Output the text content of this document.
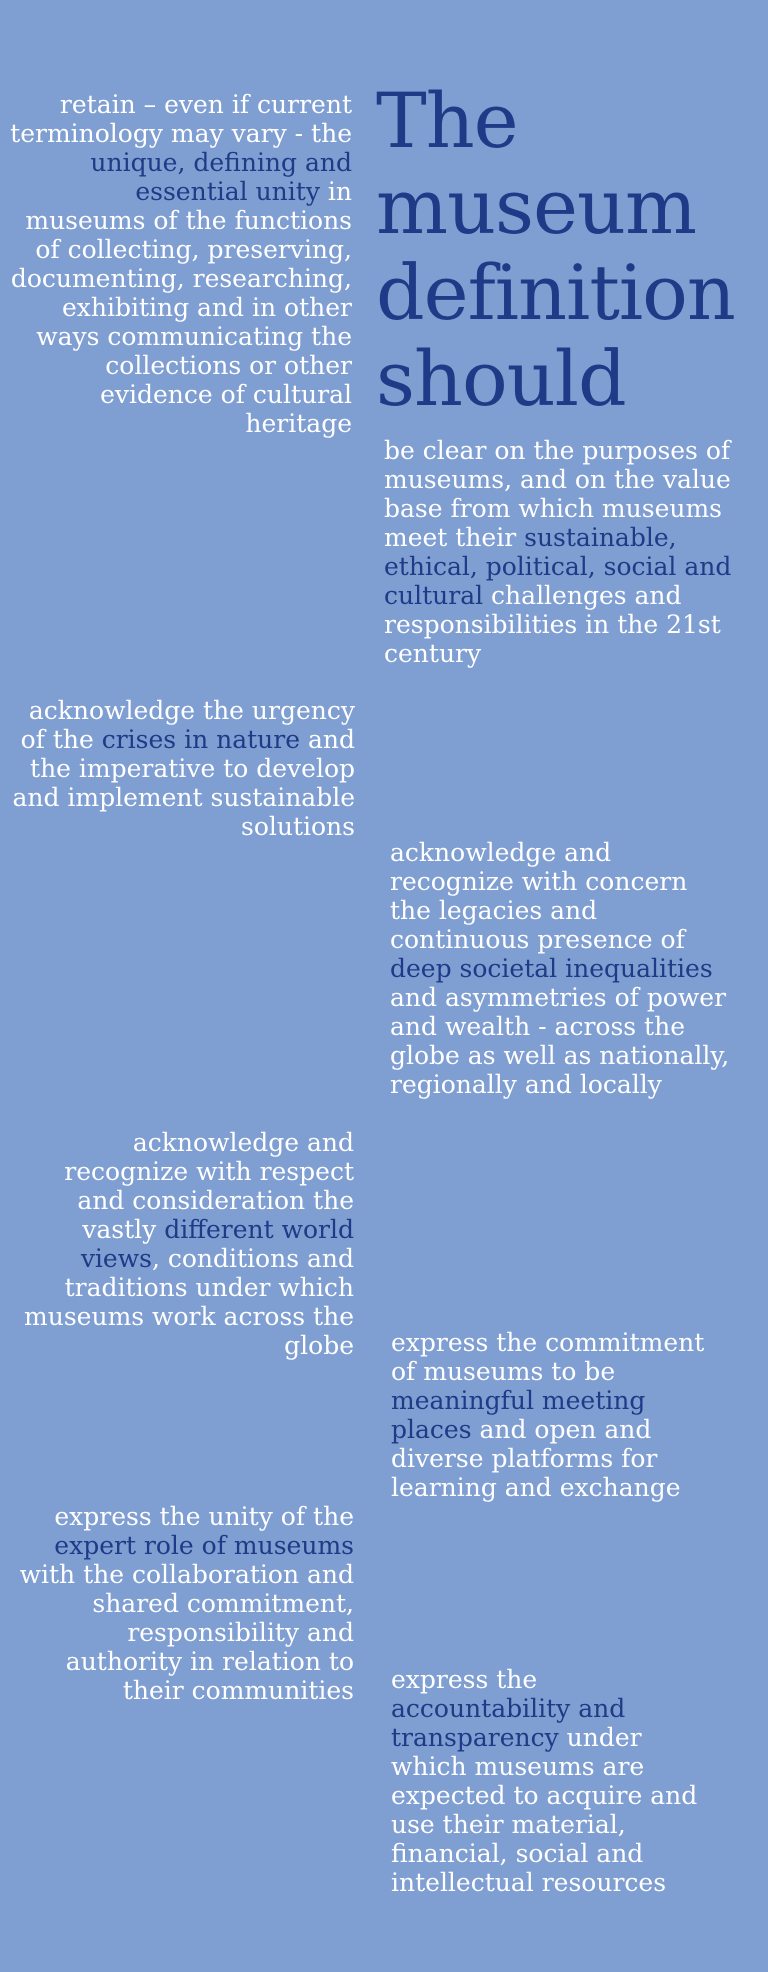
The museum definition should

retain – even if current terminology may vary - the unique, defining and essential unity in museums of the functions of collecting, preserving, documenting, researching, exhibiting and in other ways communicating the collections or other evidence of cultural heritage

be clear on the purposes of museums, and on the value base from which museums meet their sustainable, ethical, political, social and cultural challenges and responsibilities in the 21st century

acknowledge the urgency of the crises in nature and the imperative to develop and implement sustainable solutions

acknowledge and recognize with concern the legacies and continuous presence of deep societal inequalities and asymmetries of power and wealth - across the globe as well as nationally, regionally and locally

acknowledge and recognize with respect and consideration the vastly different world views, conditions and traditions under which museums work across the globe express the commitment of museums to be meaningful meeting places and open and diverse platforms for learning and exchange

express the unity of the expert role of museums with the collaboration and shared commitment, responsibility and authority in relation to their communities express the accountability and transparency under which museums are expected to acquire and use their material, financial, social and intellectual resources
